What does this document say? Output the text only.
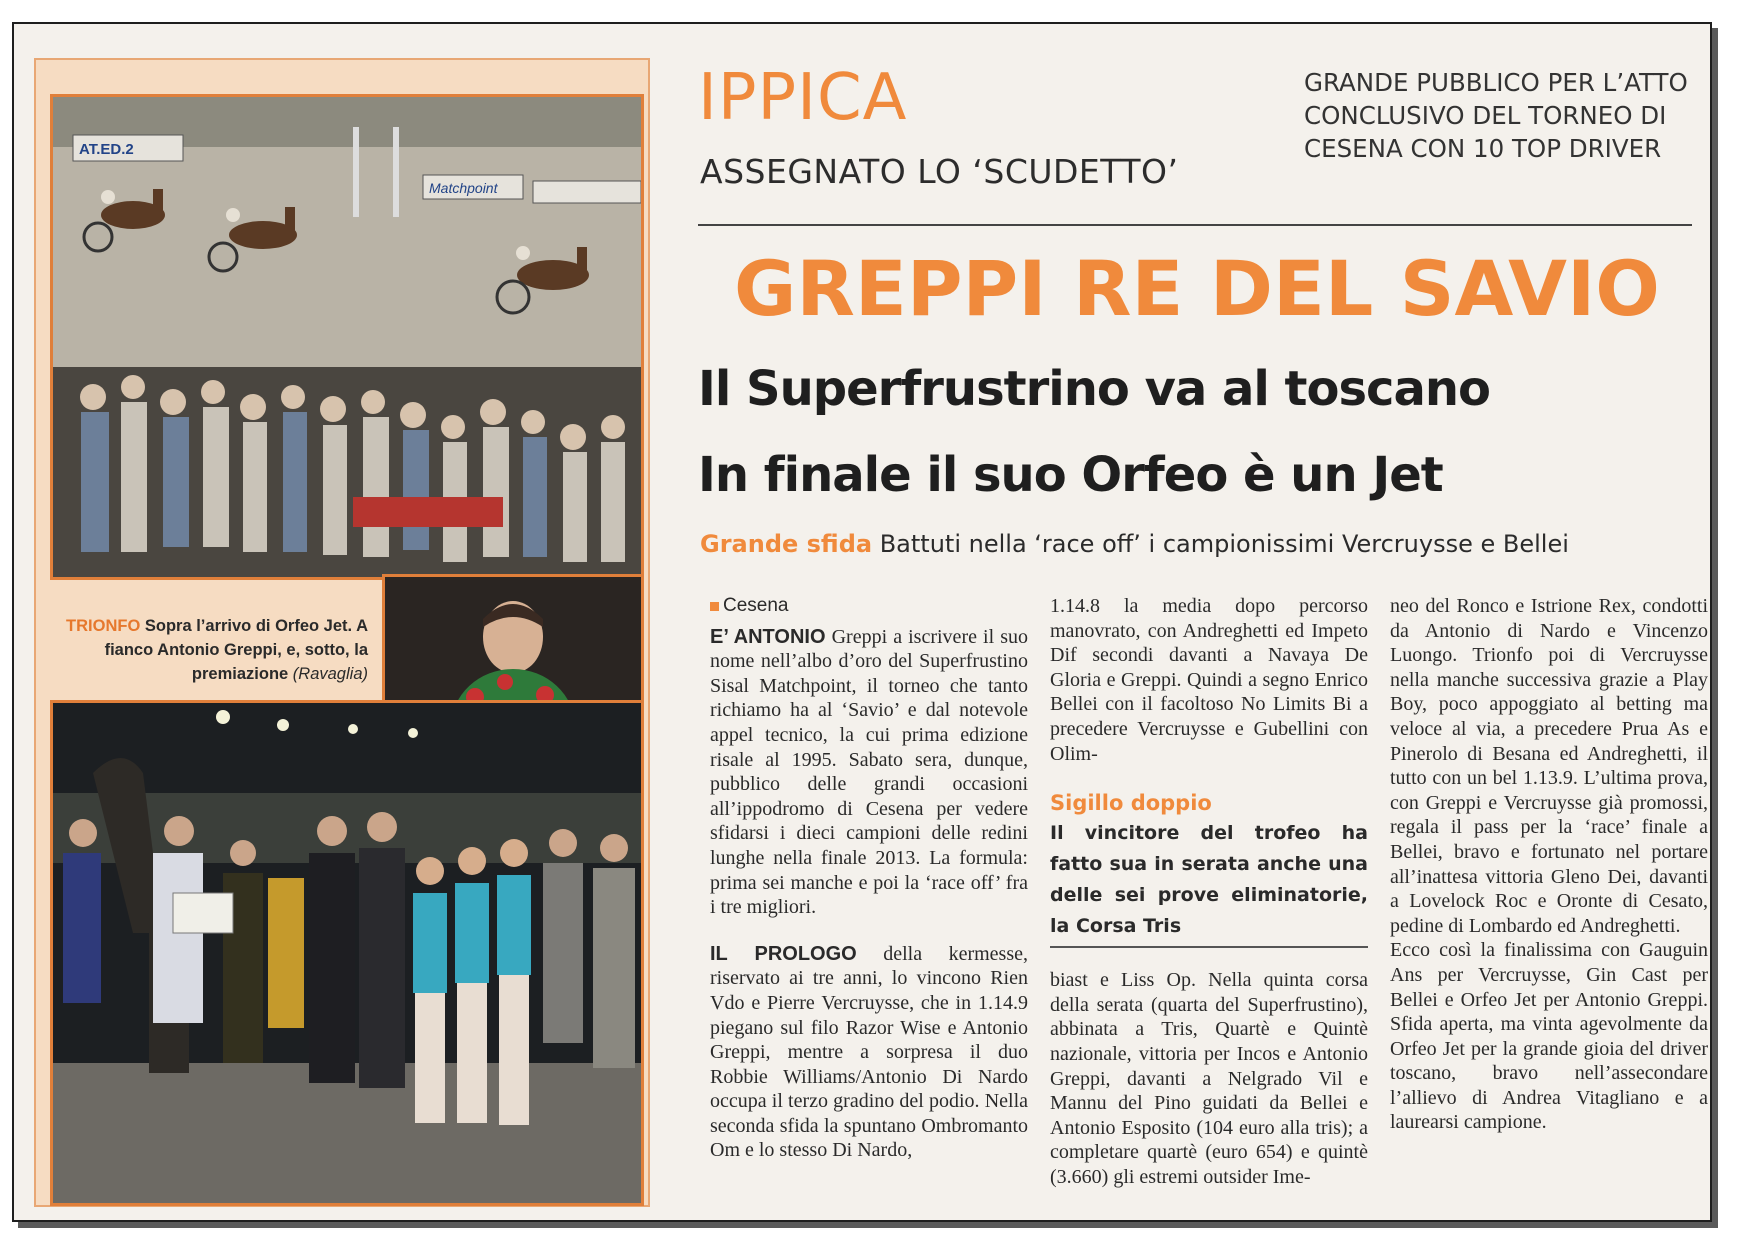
AT.ED.2
Matchpoint
TRIONFO Sopra l’arrivo di Orfeo Jet. A fianco Antonio Greppi, e, sotto, la premiazione (Ravaglia)
IPPICA
ASSEGNATO LO ‘SCUDETTO’
GRANDE PUBBLICO PER L’ATTO CONCLUSIVO DEL TORNEO DI CESENA CON 10 TOP DRIVER
GREPPI RE DEL SAVIO
Il Superfrustrino va al toscano
In finale il suo Orfeo è un Jet
Grande sfida Battuti nella ‘race off’ i campionissimi Vercruysse e Bellei
Cesena

E’ ANTONIO Greppi a iscrivere il suo nome nell’albo d’oro del Superfrustino Sisal Matchpoint, il torneo che tanto richiamo ha al ‘Savio’ e dal notevole appel tecnico, la cui prima edizione risale al 1995. Sabato sera, dunque, pubblico delle grandi occasioni all’ippodromo di Cesena per vedere sfidarsi i dieci campioni delle redini lunghe nella finale 2013. La formula: prima sei manche e poi la ‘race off’ fra i tre migliori.

IL PROLOGO della kermesse, riservato ai tre anni, lo vincono Rien Vdo e Pierre Vercruysse, che in 1.14.9 piegano sul filo Razor Wise e Antonio Greppi, mentre a sorpresa il duo Robbie Williams/Antonio Di Nardo occupa il terzo gradino del podio. Nella seconda sfida la spuntano Ombromanto Om e lo stesso Di Nardo,

1.14.8 la media dopo percorso manovrato, con Andreghetti ed Impeto Dif secondi davanti a Navaya De Gloria e Greppi. Quindi a segno Enrico Bellei con il facoltoso No Limits Bi a precedere Vercruysse e Gubellini con Olim-

Sigillo doppio
Il vincitore del trofeo ha fatto sua in serata anche una delle sei prove eliminatorie, la Corsa Tris

biast e Liss Op. Nella quinta corsa della serata (quarta del Superfrustino), abbinata a Tris, Quartè e Quintè nazionale, vittoria per Incos e Antonio Greppi, davanti a Nelgrado Vil e Mannu del Pino guidati da Bellei e Antonio Esposito (104 euro alla tris); a completare quartè (euro 654) e quintè (3.660) gli estremi outsider Ime-

neo del Ronco e Istrione Rex, condotti da Antonio di Nardo e Vincenzo Luongo. Trionfo poi di Vercruysse nella manche successiva grazie a Play Boy, poco appoggiato al betting ma veloce al via, a precedere Prua As e Pinerolo di Besana ed Andreghetti, il tutto con un bel 1.13.9. L’ultima prova, con Greppi e Vercruysse già promossi, regala il pass per la ‘race’ finale a Bellei, bravo e fortunato nel portare all’inattesa vittoria Gleno Dei, davanti a Lovelock Roc e Oronte di Cesato, pedine di Lombardo ed Andreghetti.

Ecco così la finalissima con Gauguin Ans per Vercruysse, Gin Cast per Bellei e Orfeo Jet per Antonio Greppi. Sfida aperta, ma vinta agevolmente da Orfeo Jet per la grande gioia del driver toscano, bravo nell’assecondare l’allievo di Andrea Vitagliano e a laurearsi campione.
